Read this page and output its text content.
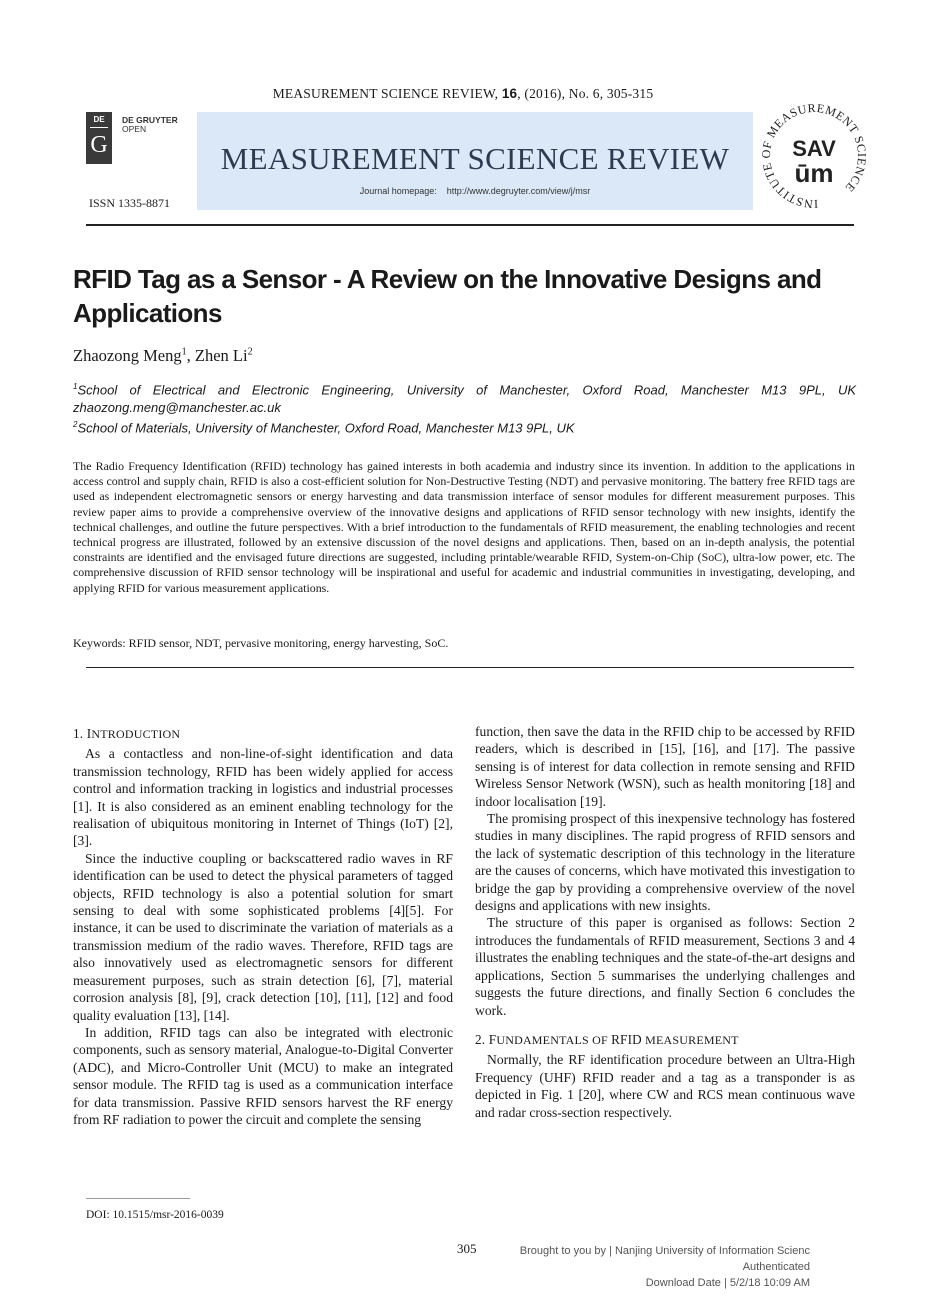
MEASUREMENT SCIENCE REVIEW, 16, (2016), No. 6, 305-315
DE
G
DE GRUYTER
OPEN
ISSN 1335-8871
MEASUREMENT SCIENCE REVIEW
Journal homepage: http://www.degruyter.com/view/j/msr
INSTITUTE OF MEASUREMENT SCIENCE
SAV
ūm
RFID Tag as a Sensor - A Review on the Innovative Designs and Applications
Zhaozong Meng$^1$, Zhen Li$^2$
$^1$School of Electrical and Electronic Engineering, University of Manchester, Oxford Road, Manchester M13 9PL, UK
zhaozong.meng@manchester.ac.uk
$^2$School of Materials, University of Manchester, Oxford Road, Manchester M13 9PL, UK
The Radio Frequency Identification (RFID) technology has gained interests in both academia and industry since its invention. In addition to the applications in access control and supply chain, RFID is also a cost-efficient solution for Non-Destructive Testing (NDT) and pervasive monitoring. The battery free RFID tags are used as independent electromagnetic sensors or energy harvesting and data transmission interface of sensor modules for different measurement purposes. This review paper aims to provide a comprehensive overview of the innovative designs and applications of RFID sensor technology with new insights, identify the technical challenges, and outline the future perspectives. With a brief introduction to the fundamentals of RFID measurement, the enabling technologies and recent technical progress are illustrated, followed by an extensive discussion of the novel designs and applications. Then, based on an in-depth analysis, the potential constraints are identified and the envisaged future directions are suggested, including printable/wearable RFID, System-on-Chip (SoC), ultra-low power, etc. The comprehensive discussion of RFID sensor technology will be inspirational and useful for academic and industrial communities in investigating, developing, and applying RFID for various measurement applications.
Keywords: RFID sensor, NDT, pervasive monitoring, energy harvesting, SoC.
1. INTRODUCTION

As a contactless and non-line-of-sight identification and data transmission technology, RFID has been widely applied for access control and information tracking in logistics and industrial processes [1]. It is also considered as an eminent enabling technology for the realisation of ubiquitous monitoring in Internet of Things (IoT) [2], [3].

Since the inductive coupling or backscattered radio waves in RF identification can be used to detect the physical parameters of tagged objects, RFID technology is also a potential solution for smart sensing to deal with some sophisticated problems [4][5]. For instance, it can be used to discriminate the variation of materials as a transmission medium of the radio waves. Therefore, RFID tags are also innovatively used as electromagnetic sensors for different measurement purposes, such as strain detection [6], [7], material corrosion analysis [8], [9], crack detection [10], [11], [12] and food quality evaluation [13], [14].

In addition, RFID tags can also be integrated with electronic components, such as sensory material, Analogue-to-Digital Converter (ADC), and Micro-Controller Unit (MCU) to make an integrated sensor module. The RFID tag is used as a communication interface for data transmission. Passive RFID sensors harvest the RF energy from RF radiation to power the circuit and complete the sensing

function, then save the data in the RFID chip to be accessed by RFID readers, which is described in [15], [16], and [17]. The passive sensing is of interest for data collection in remote sensing and RFID Wireless Sensor Network (WSN), such as health monitoring [18] and indoor localisation [19].

The promising prospect of this inexpensive technology has fostered studies in many disciplines. The rapid progress of RFID sensors and the lack of systematic description of this technology in the literature are the causes of concerns, which have motivated this investigation to bridge the gap by providing a comprehensive overview of the novel designs and applications with new insights.

The structure of this paper is organised as follows: Section 2 introduces the fundamentals of RFID measurement, Sections 3 and 4 illustrates the enabling techniques and the state-of-the-art designs and applications, Section 5 summarises the underlying challenges and suggests the future directions, and finally Section 6 concludes the work.

2. FUNDAMENTALS OF RFID MEASUREMENT

Normally, the RF identification procedure between an Ultra-High Frequency (UHF) RFID reader and a tag as a transponder is as depicted in Fig. 1 [20], where CW and RCS mean continuous wave and radar cross-section respectively.

DOI: 10.1515/msr-2016-0039
305	Brought to you by | Nanjing University of Information Scienc
Authenticated
Download Date | 5/2/18 10:09 AM
